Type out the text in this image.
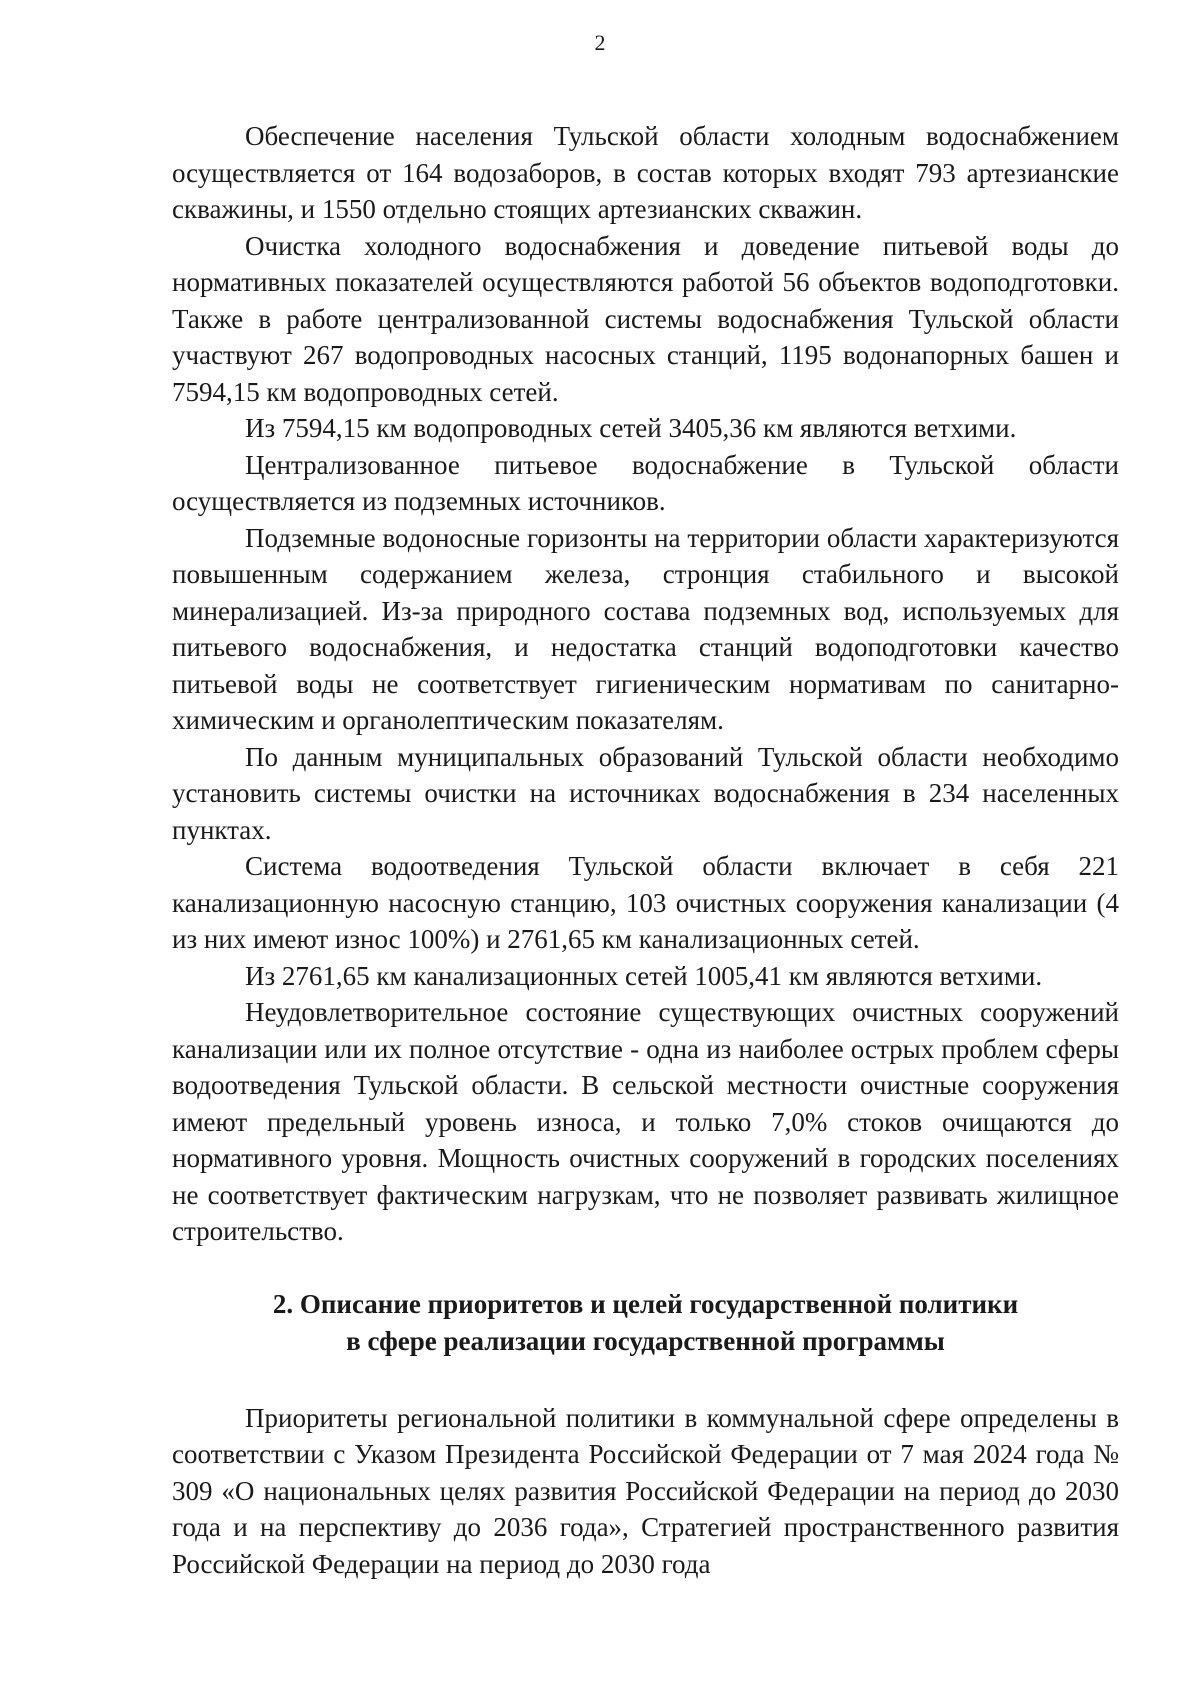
2

Обеспечение населения Тульской области холодным водоснабжением осуществляется от 164 водозаборов, в состав которых входят 793 артезианские скважины, и 1550 отдельно стоящих артезианских скважин.

Очистка холодного водоснабжения и доведение питьевой воды до нормативных показателей осуществляются работой 56 объектов водоподготовки. Также в работе централизованной системы водоснабжения Тульской области участвуют 267 водопроводных насосных станций, 1195 водонапорных башен и 7594,15 км водопроводных сетей.

Из 7594,15 км водопроводных сетей 3405,36 км являются ветхими.

Централизованное питьевое водоснабжение в Тульской области осуществляется из подземных источников.

Подземные водоносные горизонты на территории области характеризуются повышенным содержанием железа, стронция стабильного и высокой минерализацией. Из-за природного состава подземных вод, используемых для питьевого водоснабжения, и недостатка станций водоподготовки качество питьевой воды не соответствует гигиеническим нормативам по санитарно-химическим и органолептическим показателям.

По данным муниципальных образований Тульской области необходимо установить системы очистки на источниках водоснабжения в 234 населенных пунктах.

Система водоотведения Тульской области включает в себя 221 канализационную насосную станцию, 103 очистных сооружения канализации (4 из них имеют износ 100%) и 2761,65 км канализационных сетей.

Из 2761,65 км канализационных сетей 1005,41 км являются ветхими.

Неудовлетворительное состояние существующих очистных сооружений канализации или их полное отсутствие - одна из наиболее острых проблем сферы водоотведения Тульской области. В сельской местности очистные сооружения имеют предельный уровень износа, и только 7,0% стоков очищаются до нормативного уровня. Мощность очистных сооружений в городских поселениях не соответствует фактическим нагрузкам, что не позволяет развивать жилищное строительство.

2. Описание приоритетов и целей государственной политики
в сфере реализации государственной программы

Приоритеты региональной политики в коммунальной сфере определены в соответствии с Указом Президента Российской Федерации от 7 мая 2024 года № 309 «О национальных целях развития Российской Федерации на период до 2030 года и на перспективу до 2036 года», Стратегией пространственного развития Российской Федерации на период до 2030 года
